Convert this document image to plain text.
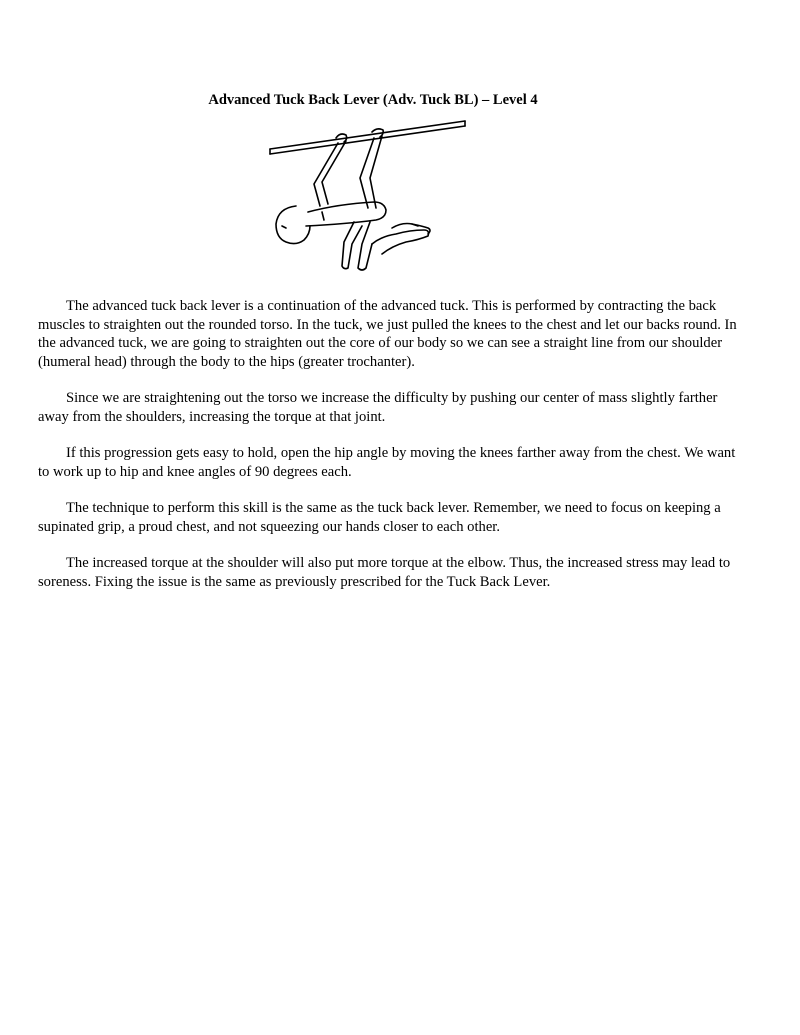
Advanced Tuck Back Lever (Adv. Tuck BL) – Level 4

The advanced tuck back lever is a continuation of the advanced tuck. This is performed by contracting the back muscles to straighten out the rounded torso. In the tuck, we just pulled the knees to the chest and let our backs round. In the advanced tuck, we are going to straighten out the core of our body so we can see a straight line from our shoulder (humeral head) through the body to the hips (greater trochanter).

Since we are straightening out the torso we increase the difficulty by pushing our center of mass slightly farther away from the shoulders, increasing the torque at that joint.

If this progression gets easy to hold, open the hip angle by moving the knees farther away from the chest. We want to work up to hip and knee angles of 90 degrees each.

The technique to perform this skill is the same as the tuck back lever. Remember, we need to focus on keeping a supinated grip, a proud chest, and not squeezing our hands closer to each other.

The increased torque at the shoulder will also put more torque at the elbow. Thus, the increased stress may lead to soreness. Fixing the issue is the same as previously prescribed for the Tuck Back Lever.
